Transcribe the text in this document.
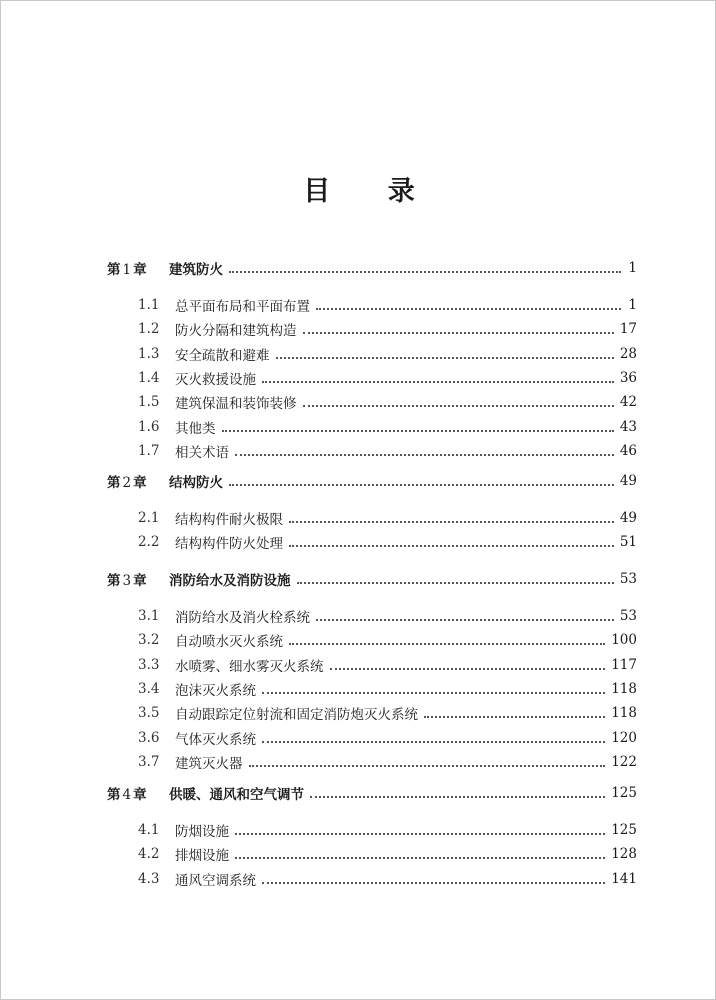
目 录
第 1 章	建筑防火	1
1.1	总平面布局和平面布置	1
1.2	防火分隔和建筑构造	17
1.3	安全疏散和避难	28
1.4	灭火救援设施	36
1.5	建筑保温和装饰装修	42
1.6	其他类	43
1.7	相关术语	46
第 2 章	结构防火	49
2.1	结构构件耐火极限	49
2.2	结构构件防火处理	51
第 3 章	消防给水及消防设施	53
3.1	消防给水及消火栓系统	53
3.2	自动喷水灭火系统	100
3.3	水喷雾、细水雾灭火系统	117
3.4	泡沫灭火系统	118
3.5	自动跟踪定位射流和固定消防炮灭火系统	118
3.6	气体灭火系统	120
3.7	建筑灭火器	122
第 4 章	供暖、通风和空气调节	125
4.1	防烟设施	125
4.2	排烟设施	128
4.3	通风空调系统	141
